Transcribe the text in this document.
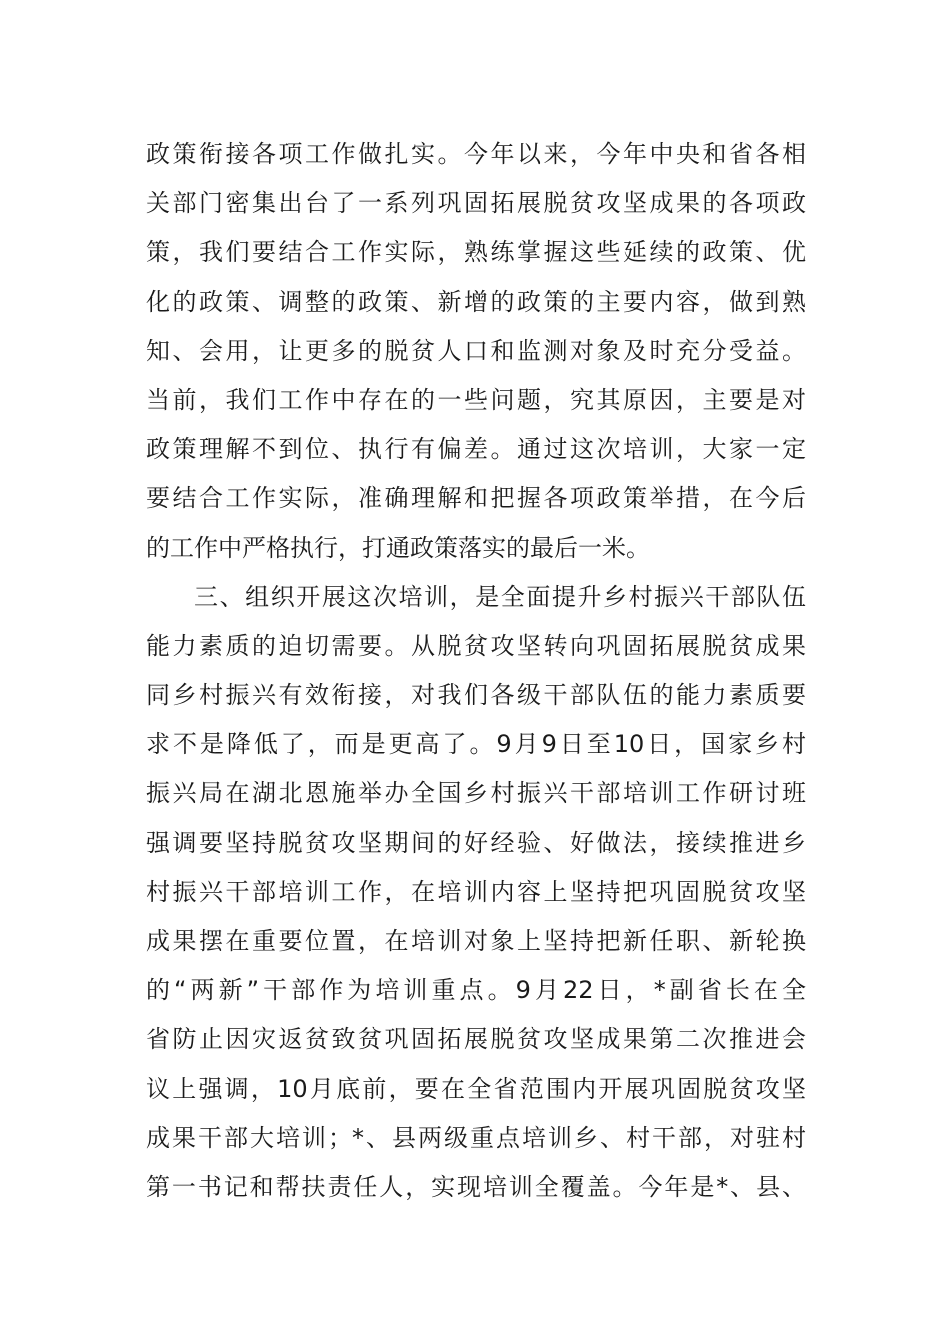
政策衔接各项工作做扎实。今年以来，今年中央和省各相
关部门密集出台了一系列巩固拓展脱贫攻坚成果的各项政
策，我们要结合工作实际，熟练掌握这些延续的政策、优
化的政策、调整的政策、新增的政策的主要内容，做到熟
知、会用，让更多的脱贫人口和监测对象及时充分受益。
当前，我们工作中存在的一些问题，究其原因，主要是对
政策理解不到位、执行有偏差。通过这次培训，大家一定
要结合工作实际，准确理解和把握各项政策举措，在今后
的工作中严格执行，打通政策落实的最后一米。
三、组织开展这次培训，是全面提升乡村振兴干部队伍
能力素质的迫切需要。从脱贫攻坚转向巩固拓展脱贫成果
同乡村振兴有效衔接，对我们各级干部队伍的能力素质要
求不是降低了，而是更高了。9月9日至10日，国家乡村
振兴局在湖北恩施举办全国乡村振兴干部培训工作研讨班
强调要坚持脱贫攻坚期间的好经验、好做法，接续推进乡
村振兴干部培训工作，在培训内容上坚持把巩固脱贫攻坚
成果摆在重要位置，在培训对象上坚持把新任职、新轮换
的“两新”干部作为培训重点。9月22日，*副省长在全
省防止因灾返贫致贫巩固拓展脱贫攻坚成果第二次推进会
议上强调，10月底前，要在全省范围内开展巩固脱贫攻坚
成果干部大培训；*、县两级重点培训乡、村干部，对驻村
第一书记和帮扶责任人，实现培训全覆盖。今年是*、县、
